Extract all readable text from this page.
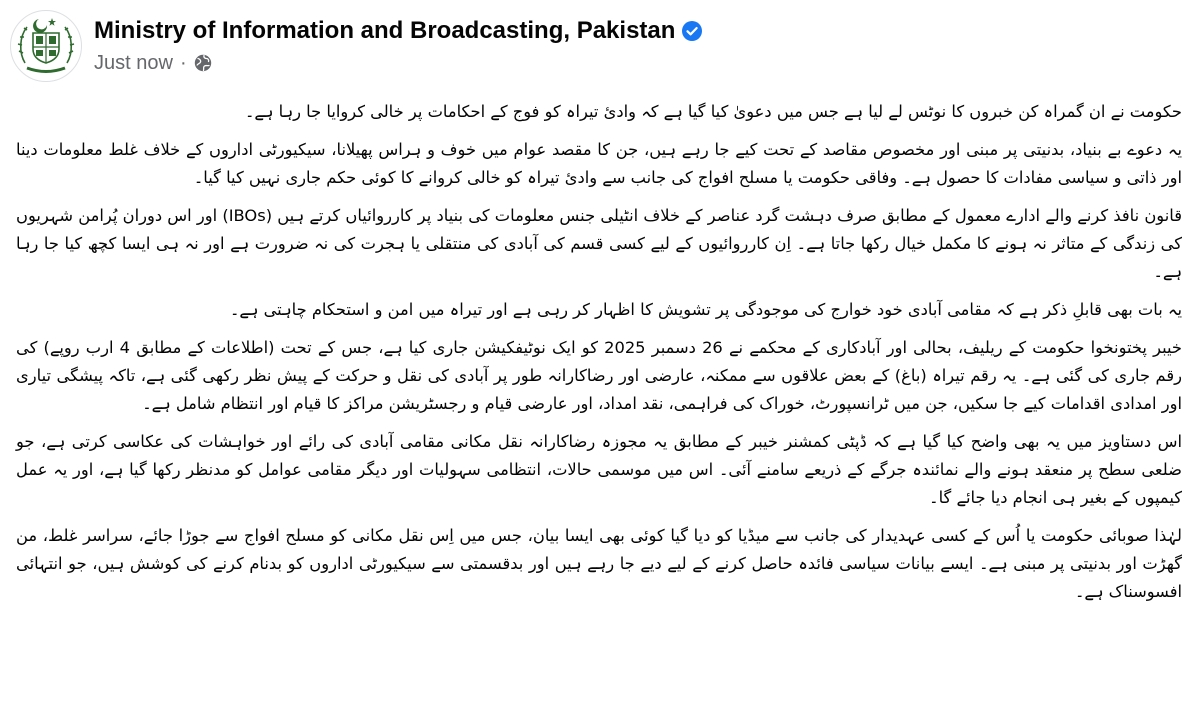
Ministry of Information and Broadcasting, Pakistan
Just now ·

حکومت نے ان گمراہ کن خبروں کا نوٹس لے لیا ہے جس میں دعویٰ کیا گیا ہے کہ وادئ تیراہ کو فوج کے احکامات پر خالی کروایا جا رہا ہے۔

یہ دعوے بے بنیاد، بدنیتی پر مبنی اور مخصوص مقاصد کے تحت کیے جا رہے ہیں، جن کا مقصد عوام میں خوف و ہراس پھیلانا، سیکیورٹی اداروں کے خلاف غلط معلومات دینا اور ذاتی و سیاسی مفادات کا حصول ہے۔ وفاقی حکومت یا مسلح افواج کی جانب سے وادئ تیراہ کو خالی کروانے کا کوئی حکم جاری نہیں کیا گیا۔

قانون نافذ کرنے والے ادارے معمول کے مطابق صرف دہشت گرد عناصر کے خلاف انٹیلی جنس معلومات کی بنیاد پر کارروائیاں کرتے ہیں (IBOs) اور اس دوران پُرامن شہریوں کی زندگی کے متاثر نہ ہونے کا مکمل خیال رکھا جاتا ہے۔ اِن کارروائیوں کے لیے کسی قسم کی آبادی کی منتقلی یا ہجرت کی نہ ضرورت ہے اور نہ ہی ایسا کچھ کیا جا رہا ہے۔

یہ بات بھی قابلِ ذکر ہے کہ مقامی آبادی خود خوارج کی موجودگی پر تشویش کا اظہار کر رہی ہے اور تیراہ میں امن و استحکام چاہتی ہے۔

خیبر پختونخوا حکومت کے ریلیف، بحالی اور آبادکاری کے محکمے نے 26 دسمبر 2025 کو ایک نوٹیفکیشن جاری کیا ہے، جس کے تحت (اطلاعات کے مطابق 4 ارب روپے) کی رقم جاری کی گئی ہے۔ یہ رقم تیراہ (باغ) کے بعض علاقوں سے ممکنہ، عارضی اور رضاکارانہ طور پر آبادی کی نقل و حرکت کے پیش نظر رکھی گئی ہے، تاکہ پیشگی تیاری اور امدادی اقدامات کیے جا سکیں، جن میں ٹرانسپورٹ، خوراک کی فراہمی، نقد امداد، اور عارضی قیام و رجسٹریشن مراکز کا قیام اور انتظام شامل ہے۔

اس دستاویز میں یہ بھی واضح کیا گیا ہے کہ ڈپٹی کمشنر خیبر کے مطابق یہ مجوزہ رضاکارانہ نقل مکانی مقامی آبادی کی رائے اور خواہشات کی عکاسی کرتی ہے، جو ضلعی سطح پر منعقد ہونے والے نمائندہ جرگے کے ذریعے سامنے آئی۔ اس میں موسمی حالات، انتظامی سہولیات اور دیگر مقامی عوامل کو مدنظر رکھا گیا ہے، اور یہ عمل کیمپوں کے بغیر ہی انجام دیا جائے گا۔

لہٰذا صوبائی حکومت یا اُس کے کسی عہدیدار کی جانب سے میڈیا کو دیا گیا کوئی بھی ایسا بیان، جس میں اِس نقل مکانی کو مسلح افواج سے جوڑا جائے، سراسر غلط، من گھڑت اور بدنیتی پر مبنی ہے۔ ایسے بیانات سیاسی فائدہ حاصل کرنے کے لیے دیے جا رہے ہیں اور بدقسمتی سے سیکیورٹی اداروں کو بدنام کرنے کی کوشش ہیں، جو انتہائی افسوسناک ہے۔
